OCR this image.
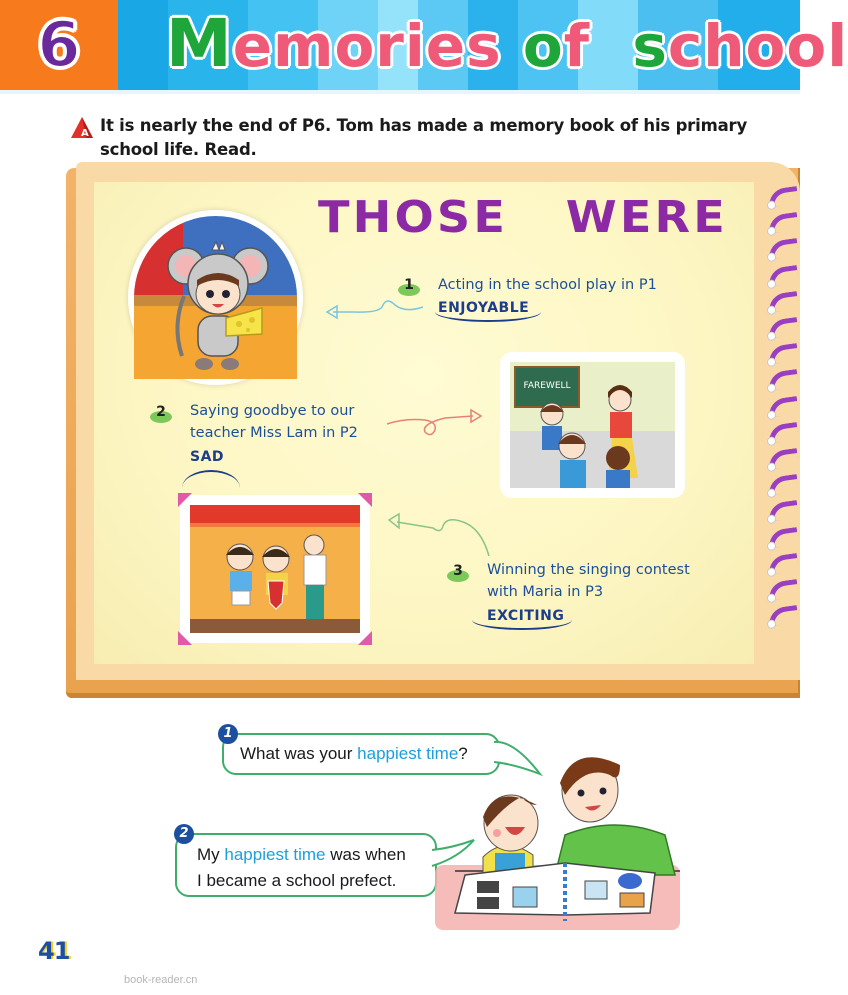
6	Memories of  school
A It is nearly the end of P6. Tom has made a memory book of his primary school life. Read.
THOSE   WERE
1	Acting in the school play in P1
ENJOYABLE
FAREWELL
2	Saying goodbye to our
teacher Miss Lam in P2
SAD
3	Winning the singing contest
with Maria in P3
EXCITING
What was your happiest time?
1
My happiest time was when
I became a school prefect.
2
41
book-reader.cn
